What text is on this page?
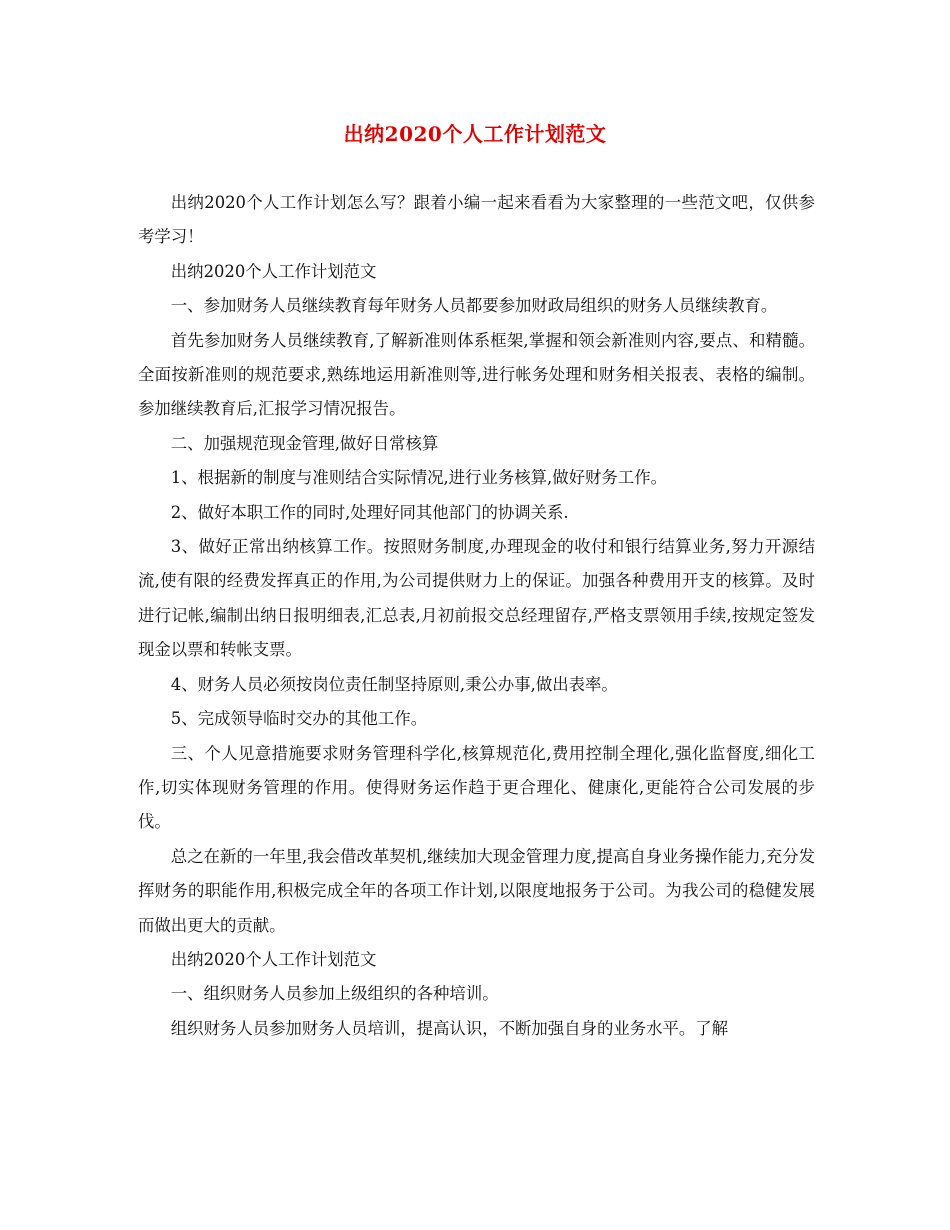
出纳2020个人工作计划范文

出纳2020个人工作计划怎么写？跟着小编一起来看看为大家整理的一些范文吧，仅供参考学习！

出纳2020个人工作计划范文

一、参加财务人员继续教育每年财务人员都要参加财政局组织的财务人员继续教育。

首先参加财务人员继续教育,了解新准则体系框架,掌握和领会新准则内容,要点、和精髓。全面按新准则的规范要求,熟练地运用新准则等,进行帐务处理和财务相关报表、表格的编制。参加继续教育后,汇报学习情况报告。

二、加强规范现金管理,做好日常核算

1、根据新的制度与准则结合实际情况,进行业务核算,做好财务工作。

2、做好本职工作的同时,处理好同其他部门的协调关系.

3、做好正常出纳核算工作。按照财务制度,办理现金的收付和银行结算业务,努力开源结流,使有限的经费发挥真正的作用,为公司提供财力上的保证。加强各种费用开支的核算。及时进行记帐,编制出纳日报明细表,汇总表,月初前报交总经理留存,严格支票领用手续,按规定签发现金以票和转帐支票。

4、财务人员必须按岗位责任制坚持原则,秉公办事,做出表率。

5、完成领导临时交办的其他工作。

三、个人见意措施要求财务管理科学化,核算规范化,费用控制全理化,强化监督度,细化工作,切实体现财务管理的作用。使得财务运作趋于更合理化、健康化,更能符合公司发展的步伐。

总之在新的一年里,我会借改革契机,继续加大现金管理力度,提高自身业务操作能力,充分发挥财务的职能作用,积极完成全年的各项工作计划,以限度地报务于公司。为我公司的稳健发展而做出更大的贡献。

出纳2020个人工作计划范文

一、组织财务人员参加上级组织的各种培训。

组织财务人员参加财务人员培训，提高认识，不断加强自身的业务水平。了解
